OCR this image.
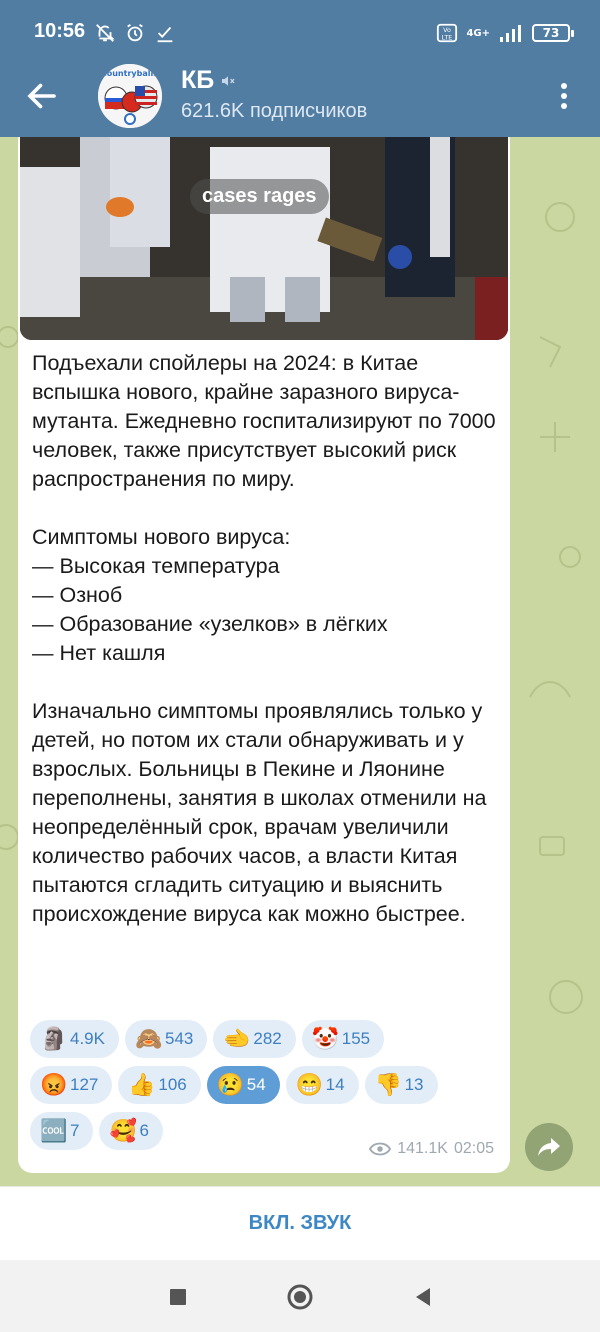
10:56	Vo
LTE 4G+	73
countryballs КБ
621.6K подписчиков
cases rages
Подъехали спойлеры на 2024: в Китае вспышка нового, крайне заразного вируса-мутанта. Ежедневно госпитализируют по 7000 человек, также присутствует высокий риск распространения по миру.

Симптомы нового вируса:
— Высокая температура
— Озноб
— Образование «узелков» в лёгких
— Нет кашля

Изначально симптомы проявлялись только у детей, но потом их стали обнаруживать и у взрослых. Больницы в Пекине и Ляонине переполнены, занятия в школах отменили на неопределённый срок, врачам увеличили количество рабочих часов, а власти Китая пытаются сгладить ситуацию и выяснить происхождение вируса как можно быстрее.
🗿 4.9K 🙈 543 🫲 282 🤡 155
😡 127 👍 106 😢 54 😁 14 👎 13
🆒 7 🥰 6
141.1K 02:05
ВКЛ. ЗВУК
